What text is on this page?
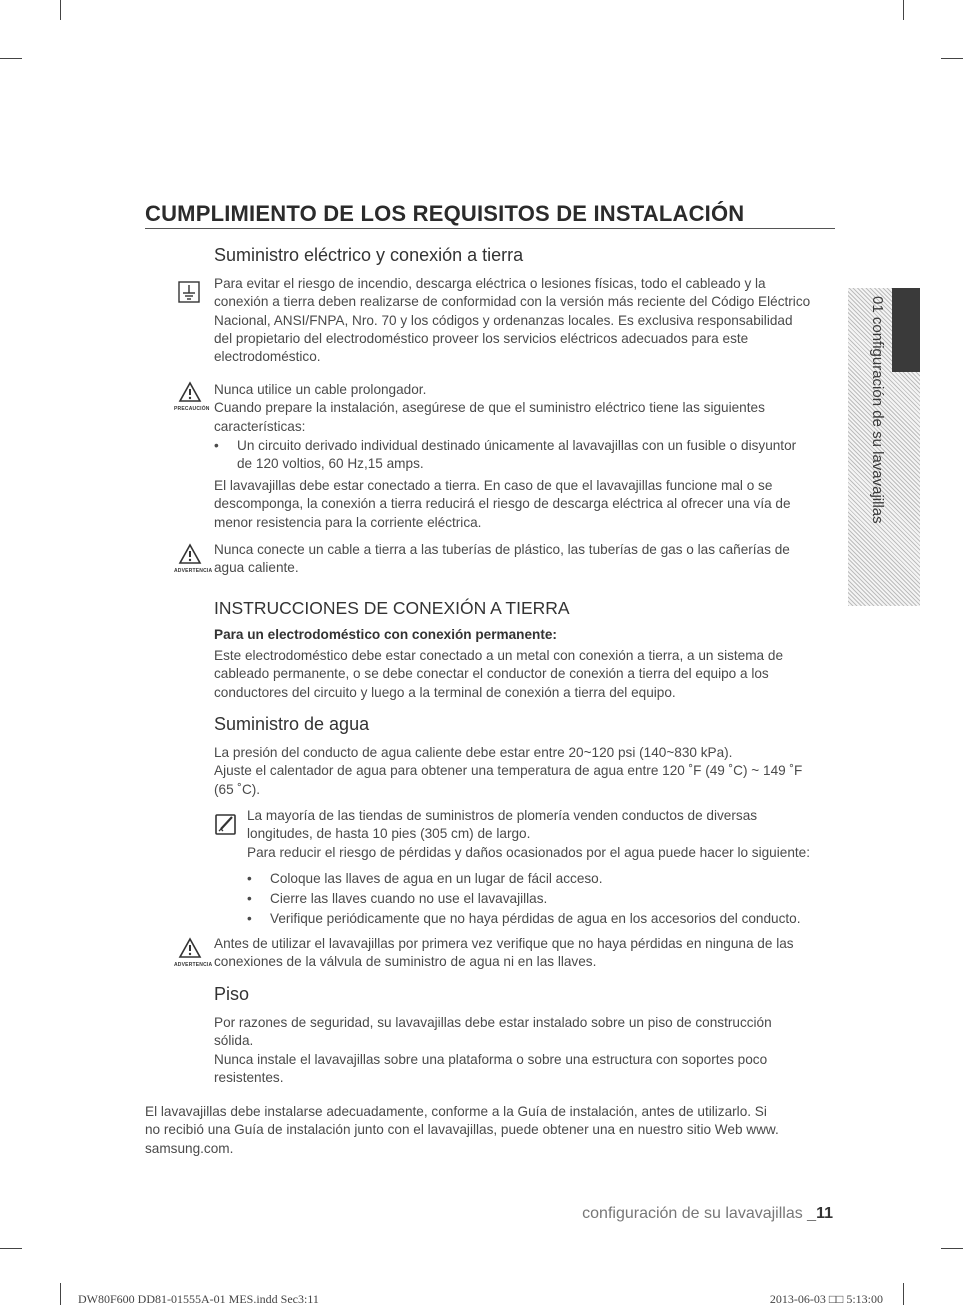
CUMPLIMIENTO DE LOS REQUISITOS DE INSTALACIÓN
01 configuración de su lavavajillas
Suministro eléctrico y conexión a tierra
Para evitar el riesgo de incendio, descarga eléctrica o lesiones físicas, todo el cableado y la
conexión a tierra deben realizarse de conformidad con la versión más reciente del Código Eléctrico
Nacional, ANSI/FNPA, Nro. 70 y los códigos y ordenanzas locales. Es exclusiva responsabilidad
del propietario del electrodoméstico proveer los servicios eléctricos adecuados para este
electrodoméstico.
PRECAUCIÓN
Nunca utilice un cable prolongador.
Cuando prepare la instalación, asegúrese de que el suministro eléctrico tiene las siguientes
características:
• Un circuito derivado individual destinado únicamente al lavavajillas con un fusible o disyuntor
de 120 voltios, 60 Hz,15 amps.
El lavavajillas debe estar conectado a tierra. En caso de que el lavavajillas funcione mal o se
descomponga, la conexión a tierra reducirá el riesgo de descarga eléctrica al ofrecer una vía de
menor resistencia para la corriente eléctrica.
ADVERTENCIA
Nunca conecte un cable a tierra a las tuberías de plástico, las tuberías de gas o las cañerías de
agua caliente.
INSTRUCCIONES DE CONEXIÓN A TIERRA
Para un electrodoméstico con conexión permanente:
Este electrodoméstico debe estar conectado a un metal con conexión a tierra, a un sistema de
cableado permanente, o se debe conectar el conductor de conexión a tierra del equipo a los
conductores del circuito y luego a la terminal de conexión a tierra del equipo.
Suministro de agua
La presión del conducto de agua caliente debe estar entre 20~120 psi (140~830 kPa).
Ajuste el calentador de agua para obtener una temperatura de agua entre 120 ˚F (49 ˚C) ~ 149 ˚F
(65 ˚C).
La mayoría de las tiendas de suministros de plomería venden conductos de diversas
longitudes, de hasta 10 pies (305 cm) de largo.
Para reducir el riesgo de pérdidas y daños ocasionados por el agua puede hacer lo siguiente:
• Coloque las llaves de agua en un lugar de fácil acceso.
• Cierre las llaves cuando no use el lavavajillas.
• Verifique periódicamente que no haya pérdidas de agua en los accesorios del conducto.
ADVERTENCIA
Antes de utilizar el lavavajillas por primera vez verifique que no haya pérdidas en ninguna de las
conexiones de la válvula de suministro de agua ni en las llaves.
Piso
Por razones de seguridad, su lavavajillas debe estar instalado sobre un piso de construcción
sólida.
Nunca instale el lavavajillas sobre una plataforma o sobre una estructura con soportes poco
resistentes.
El lavavajillas debe instalarse adecuadamente, conforme a la Guía de instalación, antes de utilizarlo. Si
no recibió una Guía de instalación junto con el lavavajillas, puede obtener una en nuestro sitio Web www.
samsung.com.
configuración de su lavavajillas _11
DW80F600 DD81-01555A-01 MES.indd Sec3:11	2013-06-03 □□ 5:13:00
